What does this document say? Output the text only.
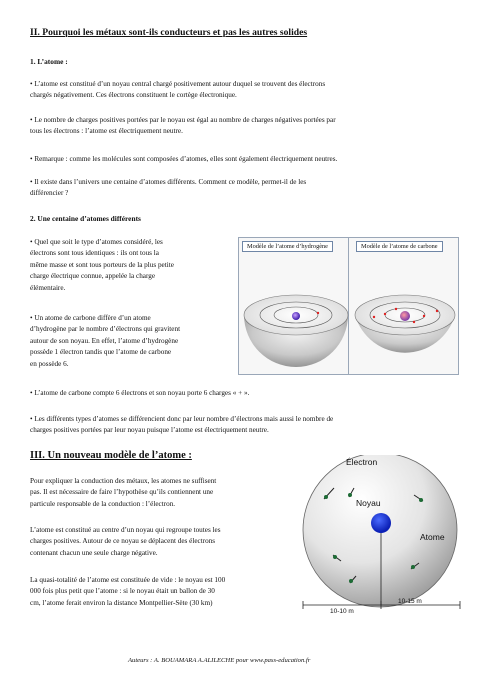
II. Pourquoi les métaux sont-ils conducteurs et pas les autres solides
1. L’atome :
• L’atome est constitué d’un noyau central chargé positivement autour duquel se trouvent des électrons
chargés négativement. Ces électrons constituent le cortège électronique.
• Le nombre de charges positives portées par le noyau est égal au nombre de charges négatives portées par
tous les électrons : l’atome est électriquement neutre.
• Remarque : comme les molécules sont composées d’atomes, elles sont également électriquement neutres.
• Il existe dans l’univers une centaine d’atomes différents. Comment ce modèle, permet-il de les
différencier ?
2. Une centaine d’atomes différents
• Quel que soit le type d’atomes considéré, les
électrons sont tous identiques : ils ont tous la
même masse et sont tous porteurs de la plus petite
charge électrique connue, appelée la charge
élémentaire.
• Un atome de carbone diffère d’un atome
d’hydrogène par le nombre d’électrons qui gravitent
autour de son noyau. En effet, l’atome d’hydrogène
possède 1 électron tandis que l’atome de carbone
en possède 6.
Modèle de l’atome d’hydrogène	Modèle de l’atome de carbone
• L’atome de carbone compte 6 électrons et son noyau porte 6 charges « + ».
• Les différents types d’atomes se différencient donc par leur nombre d’électrons mais aussi le nombre de
charges positives portées par leur noyau puisque l’atome est électriquement neutre.
III. Un nouveau modèle de l’atome :
Pour expliquer la conduction des métaux, les atomes ne suffisent
pas. Il est nécessaire de faire l’hypothèse qu’ils contiennent une
particule responsable de la conduction : l’électron.
L’atome est constitué au centre d’un noyau qui regroupe toutes les
charges positives. Autour de ce noyau se déplacent des électrons
contenant chacun une seule charge négative.
La quasi-totalité de l’atome est constituée de vide : le noyau est 100
000 fois plus petit que l’atome : si le noyau était un ballon de 30
cm, l’atome ferait environ la distance Montpellier-Sète (30 km)
Électron
Noyau
Atome
10-10 m
10-15 m
Auteurs : A. BOUAMARA A.ALILECHE pour www.pass-education.fr
